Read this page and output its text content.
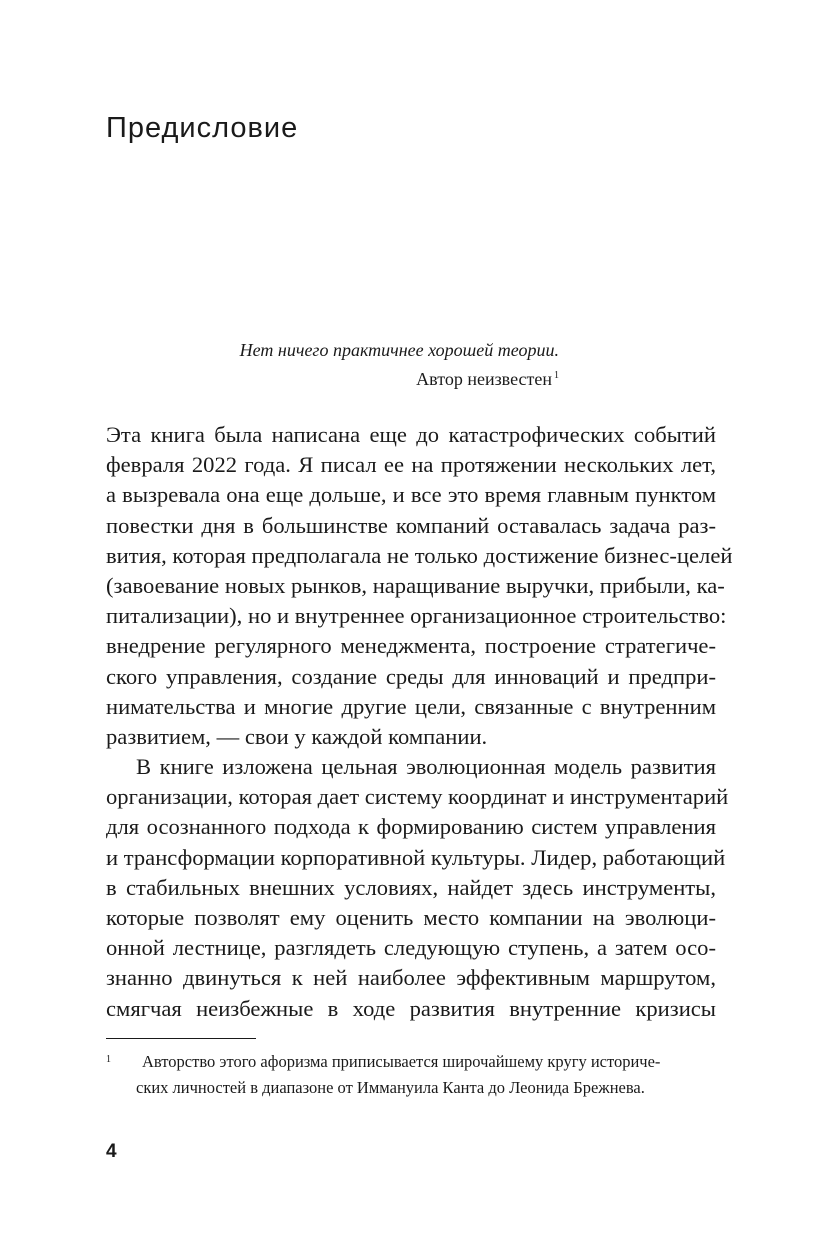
Предисловие
Нет ничего практичнее хорошей теории.
Автор неизвестен $^1$
Эта книга была написана еще до катастрофических событий
февраля 2022 года. Я писал ее на протяжении нескольких лет,
а вызревала она еще дольше, и все это время главным пунктом
повестки дня в большинстве компаний оставалась задача раз-
вития, которая предполагала не только достижение бизнес-целей
(завоевание новых рынков, наращивание выручки, прибыли, ка-
питализации), но и внутреннее организационное строительство:
внедрение регулярного менеджмента, построение стратегиче-
ского управления, создание среды для инноваций и предпри-
нимательства и многие другие цели, связанные с внутренним
развитием, — свои у каждой компании.
В книге изложена цельная эволюционная модель развития
организации, которая дает систему координат и инструментарий
для осознанного подхода к формированию систем управления
и трансформации корпоративной культуры. Лидер, работающий
в стабильных внешних условиях, найдет здесь инструменты,
которые позволят ему оценить место компании на эволюци-
онной лестнице, разглядеть следующую ступень, а затем осо-
знанно двинуться к ней наиболее эффективным маршрутом,
смягчая неизбежные в ходе развития внутренние кризисы
1	Авторство этого афоризма приписывается широчайшему кругу историче-
ских личностей в диапазоне от Иммануила Канта до Леонида Брежнева.
4
